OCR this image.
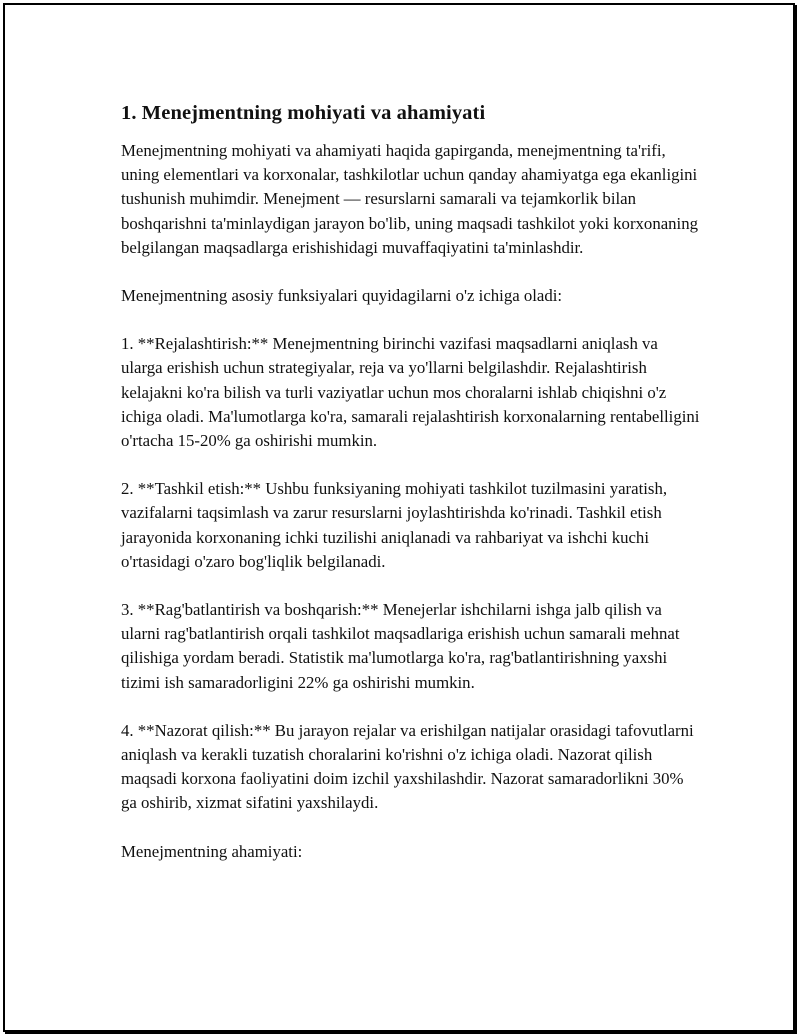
1. Menejmentning mohiyati va ahamiyati

Menejmentning mohiyati va ahamiyati haqida gapirganda, menejmentning ta'rifi, uning elementlari va korxonalar, tashkilotlar uchun qanday ahamiyatga ega ekanligini tushunish muhimdir. Menejment — resurslarni samarali va tejamkorlik bilan boshqarishni ta'minlaydigan jarayon bo'lib, uning maqsadi tashkilot yoki korxonaning belgilangan maqsadlarga erishishidagi muvaffaqiyatini ta'minlashdir.

Menejmentning asosiy funksiyalari quyidagilarni o'z ichiga oladi:

1. **Rejalashtirish:** Menejmentning birinchi vazifasi maqsadlarni aniqlash va ularga erishish uchun strategiyalar, reja va yo'llarni belgilashdir. Rejalashtirish kelajakni ko'ra bilish va turli vaziyatlar uchun mos choralarni ishlab chiqishni o'z ichiga oladi. Ma'lumotlarga ko'ra, samarali rejalashtirish korxonalarning rentabelligini o'rtacha 15-20% ga oshirishi mumkin.

2. **Tashkil etish:** Ushbu funksiyaning mohiyati tashkilot tuzilmasini yaratish, vazifalarni taqsimlash va zarur resurslarni joylashtirishda ko'rinadi. Tashkil etish jarayonida korxonaning ichki tuzilishi aniqlanadi va rahbariyat va ishchi kuchi o'rtasidagi o'zaro bog'liqlik belgilanadi.

3. **Rag'batlantirish va boshqarish:** Menejerlar ishchilarni ishga jalb qilish va ularni rag'batlantirish orqali tashkilot maqsadlariga erishish uchun samarali mehnat qilishiga yordam beradi. Statistik ma'lumotlarga ko'ra, rag'batlantirishning yaxshi tizimi ish samaradorligini 22% ga oshirishi mumkin.

4. **Nazorat qilish:** Bu jarayon rejalar va erishilgan natijalar orasidagi tafovutlarni aniqlash va kerakli tuzatish choralarini ko'rishni o'z ichiga oladi. Nazorat qilish maqsadi korxona faoliyatini doim izchil yaxshilashdir. Nazorat samaradorlikni 30% ga oshirib, xizmat sifatini yaxshilaydi.

Menejmentning ahamiyati:
